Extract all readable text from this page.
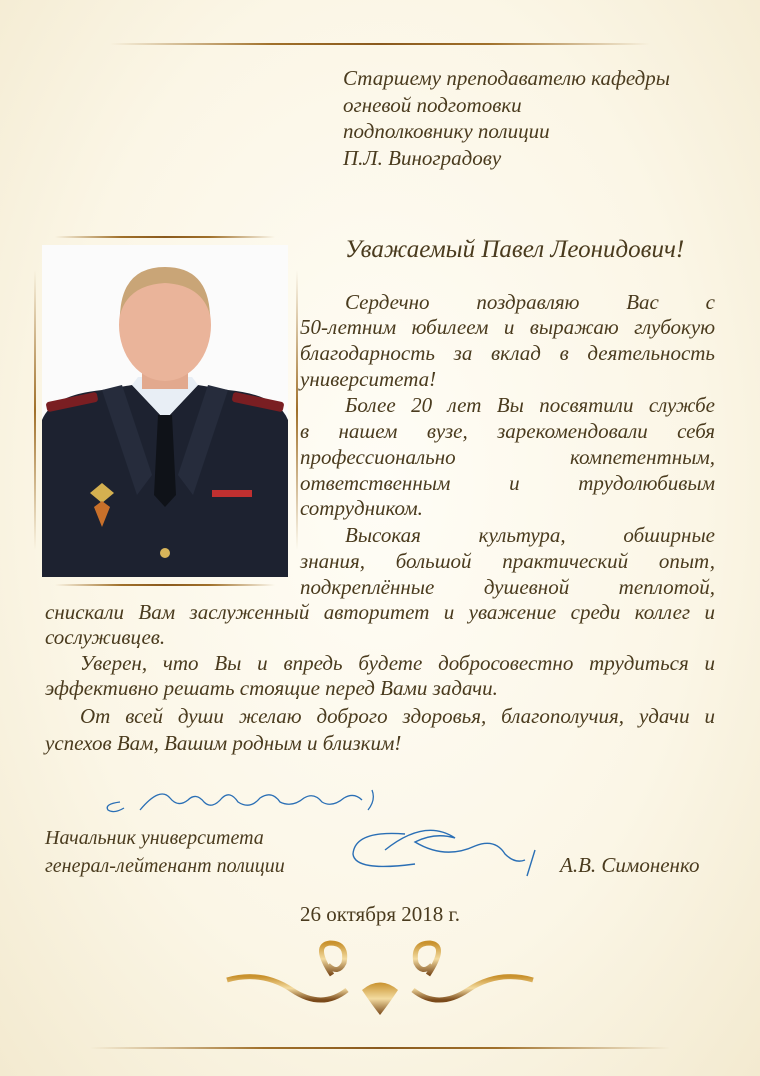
Старшему преподавателю кафедры
огневой подготовки
подполковнику полиции
П.Л. Виноградову
Уважаемый Павел Леонидович!
Сердечно поздравляю Вас с
50-летним юбилеем и выражаю глубокую
благодарность за вклад в деятельность
университета!
Более 20 лет Вы посвятили службе
в нашем вузе, зарекомендовали себя
профессионально компетентным,
ответственным и трудолюбивым
сотрудником.
Высокая культура, обширные
знания, большой практический опыт,
подкреплённые душевной теплотой,
снискали Вам заслуженный авторитет и уважение среди коллег и
сослуживцев.
Уверен, что Вы и впредь будете добросовестно трудиться и
эффективно решать стоящие перед Вами задачи.
От всей души желаю доброго здоровья, благополучия, удачи и
успехов Вам, Вашим родным и близким!
Начальник университета
генерал-лейтенант полиции	А.В. Симоненко
26 октября 2018 г.
